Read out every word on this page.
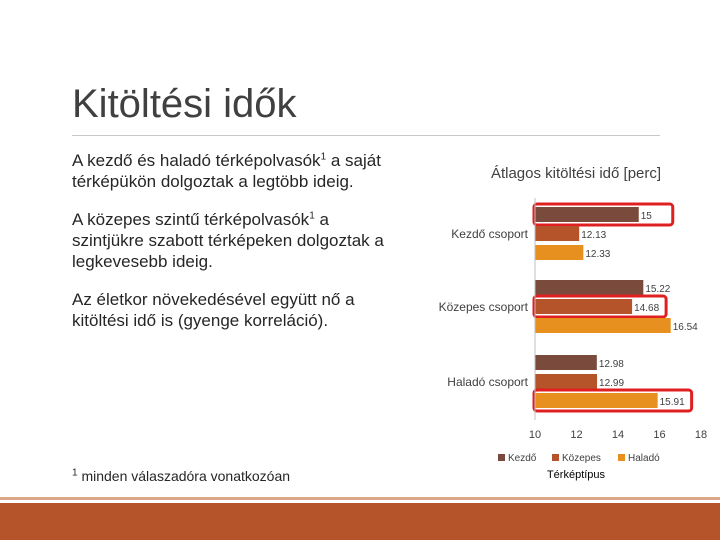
Kitöltési idők
A kezdő és haladó térképolvasók$^1$ a saját térképükön dolgoztak a legtöbb ideig.
A közepes szintű térképolvasók$^1$ a szintjükre szabott térképeken dolgoztak a legkevesebb ideig.
Az életkor növekedésével együtt nő a kitöltési idő is (gyenge korreláció).
$^1$ minden válaszadóra vonatkozóan
Átlagos kitöltési idő [perc]
Térképtípus
15
12.13
12.33
Kezdő csoport
15.22
14.68
16.54
Közepes csoport
12.98
12.99
15.91
Haladó csoport
10	12	14	16	18
Kezdő	Közepes	Haladó
